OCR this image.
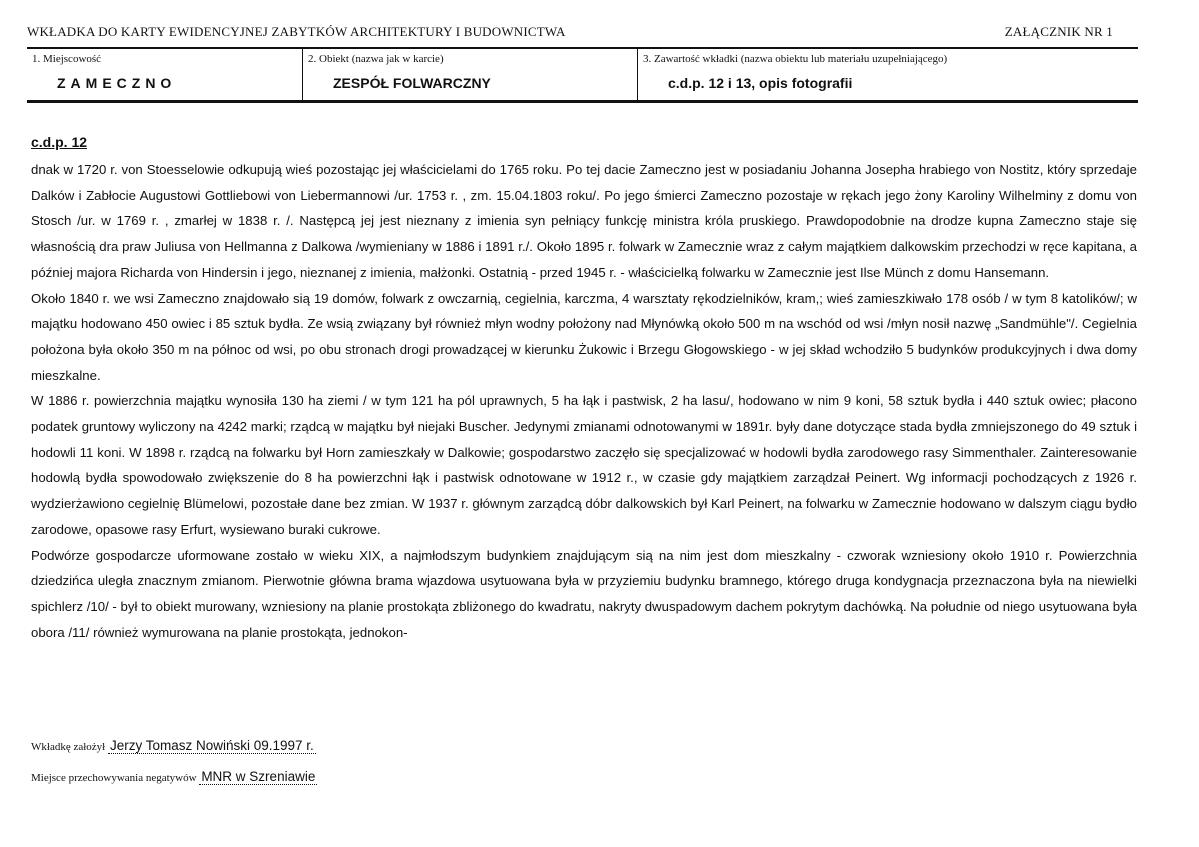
WKŁADKA DO KARTY EWIDENCYJNEJ ZABYTKÓW ARCHITEKTURY I BUDOWNICTWA	ZAŁĄCZNIK NR 1
1. Miejscowość
ZAMECZNO
2. Obiekt (nazwa jak w karcie)
ZESPÓŁ FOLWARCZNY
3. Zawartość wkładki (nazwa obiektu lub materiału uzupełniającego)
c.d.p. 12 i 13, opis fotografii
c.d.p. 12

dnak w 1720 r. von Stoesselowie odkupują wieś pozostając jej właścicielami do 1765 roku. Po tej dacie Zameczno jest w posiadaniu Johanna Josepha hrabiego von Nostitz, który sprzedaje Dalków i Zabłocie Augustowi Gottliebowi von Liebermannowi /ur. 1753 r. , zm. 15.04.1803 roku/. Po jego śmierci Zameczno pozostaje w rękach jego żony Karoliny Wilhelminy z domu von Stosch /ur. w 1769 r. , zmarłej w 1838 r. /. Następcą jej jest nieznany z imienia syn pełniący funkcję ministra króla pruskiego. Prawdopodobnie na drodze kupna Zameczno staje się własnością dra praw Juliusa von Hellmanna z Dalkowa /wymieniany w 1886 i 1891 r./. Około 1895 r. folwark w Zamecznie wraz z całym majątkiem dalkowskim przechodzi w ręce kapitana, a później majora Richarda von Hindersin i jego, nieznanej z imienia, małżonki. Ostatnią - przed 1945 r. - właścicielką folwarku w Zamecznie jest Ilse Münch z domu Hansemann.

Około 1840 r. we wsi Zameczno znajdowało sią 19 domów, folwark z owczarnią, cegielnia, karczma, 4 warsztaty rękodzielników, kram,; wieś zamieszkiwało 178 osób / w tym 8 katolików/; w majątku hodowano 450 owiec i 85 sztuk bydła. Ze wsią związany był również młyn wodny położony nad Młynówką około 500 m na wschód od wsi /młyn nosił nazwę „Sandmühle"/. Cegielnia położona była około 350 m na północ od wsi, po obu stronach drogi prowadzącej w kierunku Żukowic i Brzegu Głogowskiego - w jej skład wchodziło 5 budynków produkcyjnych i dwa domy mieszkalne.

W 1886 r. powierzchnia majątku wynosiła 130 ha ziemi / w tym 121 ha pól uprawnych, 5 ha łąk i pastwisk, 2 ha lasu/, hodowano w nim 9 koni, 58 sztuk bydła i 440 sztuk owiec; płacono podatek gruntowy wyliczony na 4242 marki; rządcą w majątku był niejaki Buscher. Jedynymi zmianami odnotowanymi w 1891r. były dane dotyczące stada bydła zmniejszonego do 49 sztuk i hodowli 11 koni. W 1898 r. rządcą na folwarku był Horn zamieszkały w Dalkowie; gospodarstwo zaczęło się specjalizować w hodowli bydła zarodowego rasy Simmenthaler. Zainteresowanie hodowlą bydła spowodowało zwiększenie do 8 ha powierzchni łąk i pastwisk odnotowane w 1912 r., w czasie gdy majątkiem zarządzał Peinert. Wg informacji pochodzących z 1926 r. wydzierżawiono cegielnię Blümelowi, pozostałe dane bez zmian. W 1937 r. głównym zarządcą dóbr dalkowskich był Karl Peinert, na folwarku w Zamecznie hodowano w dalszym ciągu bydło zarodowe, opasowe rasy Erfurt, wysiewano buraki cukrowe.

Podwórze gospodarcze uformowane zostało w wieku XIX, a najmłodszym budynkiem znajdującym sią na nim jest dom mieszkalny - czworak wzniesiony około 1910 r. Powierzchnia dziedzińca uległa znacznym zmianom. Pierwotnie główna brama wjazdowa usytuowana była w przyziemiu budynku bramnego, którego druga kondygnacja przeznaczona była na niewielki spichlerz /10/ - był to obiekt murowany, wzniesiony na planie prostokąta zbliżonego do kwadratu, nakryty dwuspadowym dachem pokrytym dachówką. Na południe od niego usytuowana była obora /11/ również wymurowana na planie prostokąta, jednokon-

Wkładkę założył Jerzy Tomasz Nowiński 09.1997 r.
Miejsce przechowywania negatywów MNR w Szreniawie
